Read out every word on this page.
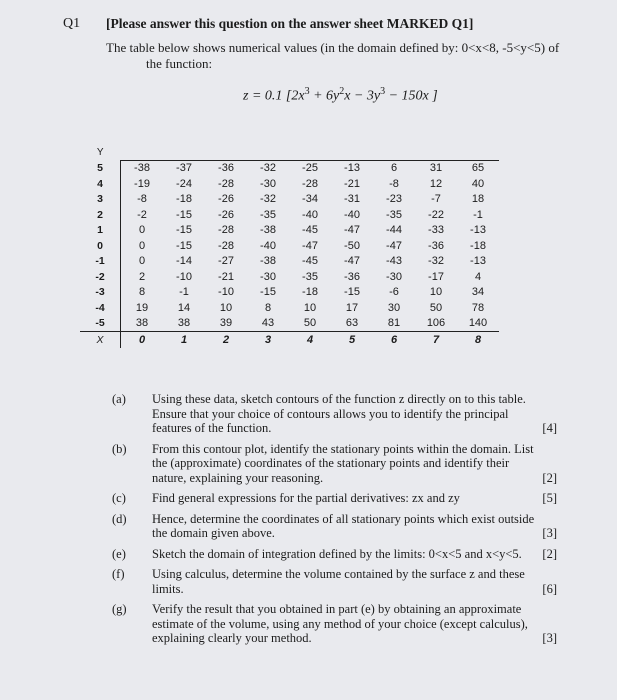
Q1 [Please answer this question on the answer sheet MARKED Q1]
The table below shows numerical values (in the domain defined by: 0<x<8, -5<y<5) of
the function:
z = 0.1 [$2x^3 + 6y^2x - 3y^3 - 150x$ ]
Y									
5	-38	-37	-36	-32	-25	-13	6	31	65
4	-19	-24	-28	-30	-28	-21	-8	12	40
3	-8	-18	-26	-32	-34	-31	-23	-7	18
2	-2	-15	-26	-35	-40	-40	-35	-22	-1
1	0	-15	-28	-38	-45	-47	-44	-33	-13
0	0	-15	-28	-40	-47	-50	-47	-36	-18
-1	0	-14	-27	-38	-45	-47	-43	-32	-13
-2	2	-10	-21	-30	-35	-36	-30	-17	4
-3	8	-1	-10	-15	-18	-15	-6	10	34
-4	19	14	10	8	10	17	30	50	78
-5	38	38	39	43	50	63	81	106	140
X	0	1	2	3	4	5	6	7	8
(a)	Using these data, sketch contours of the function z directly on to this table. Ensure that your choice of contours allows you to identify the principal features of the function.	[4]
(b)	From this contour plot, identify the stationary points within the domain. List the (approximate) coordinates of the stationary points and identify their nature, explaining your reasoning.	[2]
(c)	Find general expressions for the partial derivatives: zx and zy	[5]
(d)	Hence, determine the coordinates of all stationary points which exist outside the domain given above.	[3]
(e)	Sketch the domain of integration defined by the limits: 0<x<5 and x<y<5.	[2]
(f)	Using calculus, determine the volume contained by the surface z and these limits.	[6]
(g)	Verify the result that you obtained in part (e) by obtaining an approximate estimate of the volume, using any method of your choice (except calculus), explaining clearly your method.	[3]
